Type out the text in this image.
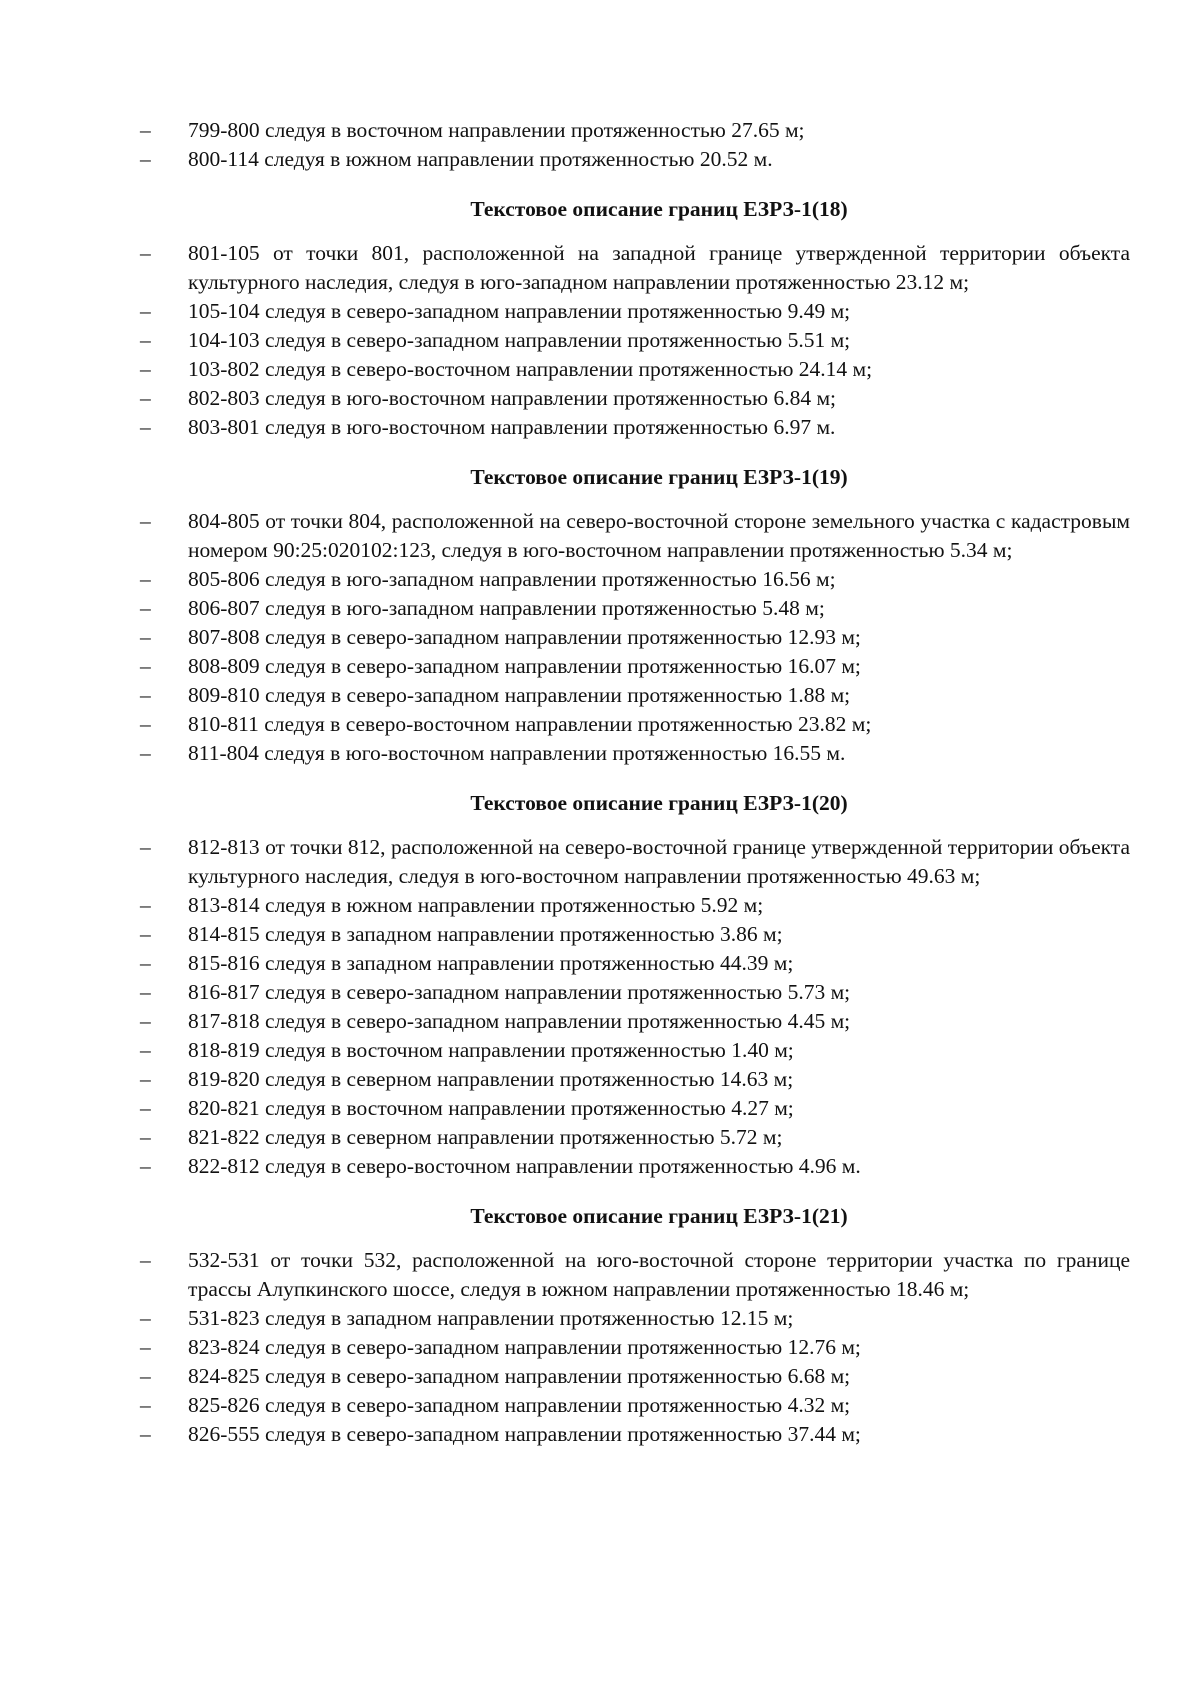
– 799-800 следуя в восточном направлении протяженностью 27.65 м;
– 800-114 следуя в южном направлении протяженностью 20.52 м.
Текстовое описание границ ЕЗРЗ-1(18)
– 801-105 от точки 801, расположенной на западной границе утвержденной территории объекта культурного наследия, следуя в юго-западном направлении протяженностью 23.12 м;
– 105-104 следуя в северо-западном направлении протяженностью 9.49 м;
– 104-103 следуя в северо-западном направлении протяженностью 5.51 м;
– 103-802 следуя в северо-восточном направлении протяженностью 24.14 м;
– 802-803 следуя в юго-восточном направлении протяженностью 6.84 м;
– 803-801 следуя в юго-восточном направлении протяженностью 6.97 м.
Текстовое описание границ ЕЗРЗ-1(19)
– 804-805 от точки 804, расположенной на северо-восточной стороне земельного участка с кадастровым номером 90:25:020102:123, следуя в юго-восточном направлении протяженностью 5.34 м;
– 805-806 следуя в юго-западном направлении протяженностью 16.56 м;
– 806-807 следуя в юго-западном направлении протяженностью 5.48 м;
– 807-808 следуя в северо-западном направлении протяженностью 12.93 м;
– 808-809 следуя в северо-западном направлении протяженностью 16.07 м;
– 809-810 следуя в северо-западном направлении протяженностью 1.88 м;
– 810-811 следуя в северо-восточном направлении протяженностью 23.82 м;
– 811-804 следуя в юго-восточном направлении протяженностью 16.55 м.
Текстовое описание границ ЕЗРЗ-1(20)
– 812-813 от точки 812, расположенной на северо-восточной границе утвержденной территории объекта культурного наследия, следуя в юго-восточном направлении протяженностью 49.63 м;
– 813-814 следуя в южном направлении протяженностью 5.92 м;
– 814-815 следуя в западном направлении протяженностью 3.86 м;
– 815-816 следуя в западном направлении протяженностью 44.39 м;
– 816-817 следуя в северо-западном направлении протяженностью 5.73 м;
– 817-818 следуя в северо-западном направлении протяженностью 4.45 м;
– 818-819 следуя в восточном направлении протяженностью 1.40 м;
– 819-820 следуя в северном направлении протяженностью 14.63 м;
– 820-821 следуя в восточном направлении протяженностью 4.27 м;
– 821-822 следуя в северном направлении протяженностью 5.72 м;
– 822-812 следуя в северо-восточном направлении протяженностью 4.96 м.
Текстовое описание границ ЕЗРЗ-1(21)
– 532-531 от точки 532, расположенной на юго-восточной стороне территории участка по границе трассы Алупкинского шоссе, следуя в южном направлении протяженностью 18.46 м;
– 531-823 следуя в западном направлении протяженностью 12.15 м;
– 823-824 следуя в северо-западном направлении протяженностью 12.76 м;
– 824-825 следуя в северо-западном направлении протяженностью 6.68 м;
– 825-826 следуя в северо-западном направлении протяженностью 4.32 м;
– 826-555 следуя в северо-западном направлении протяженностью 37.44 м;
